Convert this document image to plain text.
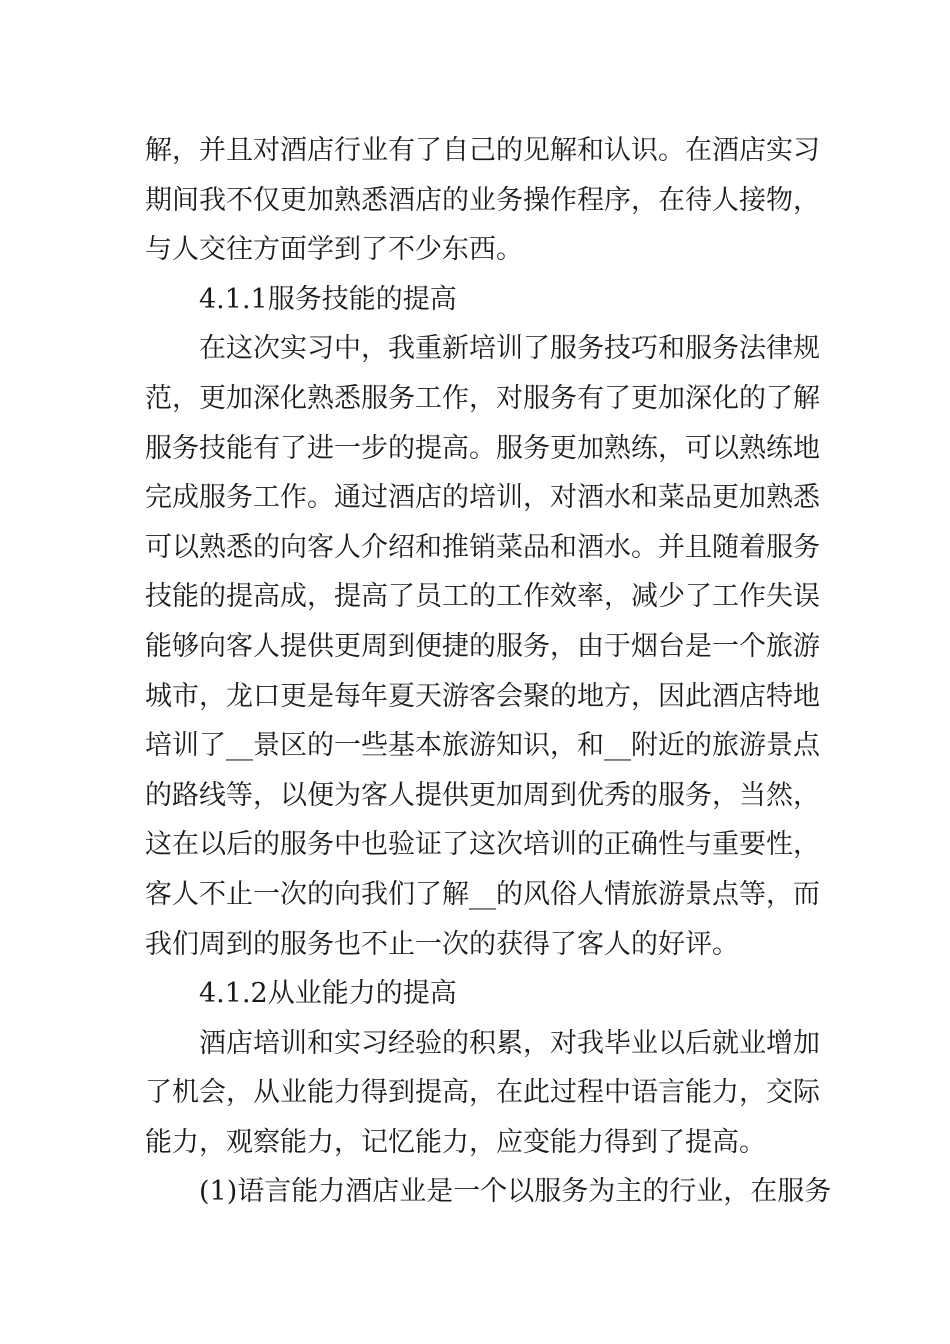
解，并且对酒店行业有了自己的见解和认识。在酒店实习
期间我不仅更加熟悉酒店的业务操作程序，在待人接物，
与人交往方面学到了不少东西。
4.1.1服务技能的提高
在这次实习中，我重新培训了服务技巧和服务法律规
范，更加深化熟悉服务工作，对服务有了更加深化的了解
服务技能有了进一步的提高。服务更加熟练，可以熟练地
完成服务工作。通过酒店的培训，对酒水和菜品更加熟悉
可以熟悉的向客人介绍和推销菜品和酒水。并且随着服务
技能的提高成，提高了员工的工作效率，减少了工作失误
能够向客人提供更周到便捷的服务，由于烟台是一个旅游
城市，龙口更是每年夏天游客会聚的地方，因此酒店特地
培训了__景区的一些基本旅游知识，和__附近的旅游景点
的路线等，以便为客人提供更加周到优秀的服务，当然，
这在以后的服务中也验证了这次培训的正确性与重要性，
客人不止一次的向我们了解__的风俗人情旅游景点等，而
我们周到的服务也不止一次的获得了客人的好评。
4.1.2从业能力的提高
酒店培训和实习经验的积累，对我毕业以后就业增加
了机会，从业能力得到提高，在此过程中语言能力，交际
能力，观察能力，记忆能力，应变能力得到了提高。
(1)语言能力酒店业是一个以服务为主的行业，在服务
